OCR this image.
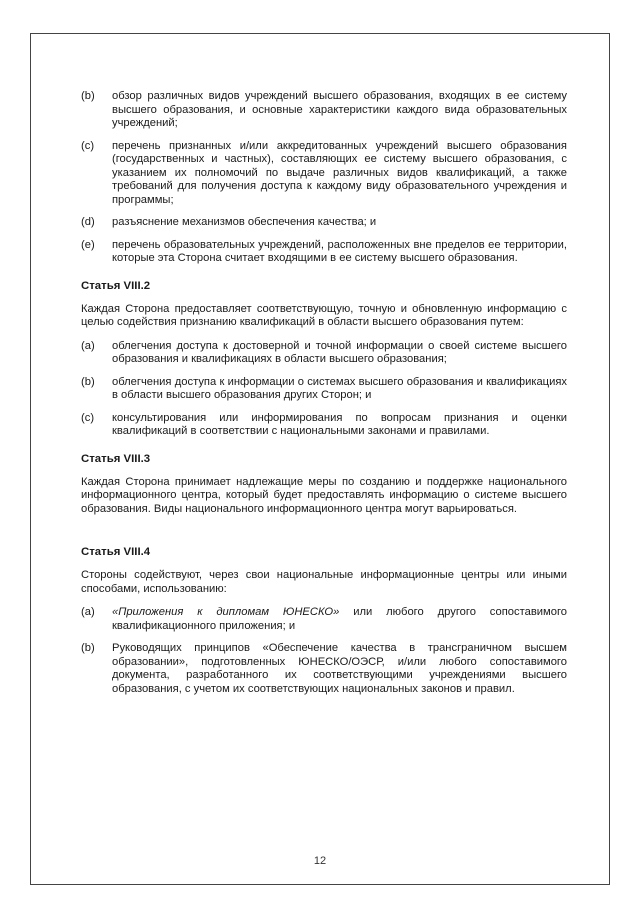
(b)	обзор различных видов учреждений высшего образования, входящих в ее систему высшего образования, и основные характеристики каждого вида образовательных учреждений;
(c)	перечень признанных и/или аккредитованных учреждений высшего образования (государственных и частных), составляющих ее систему высшего образования, с указанием их полномочий по выдаче различных видов квалификаций, а также требований для получения доступа к каждому виду образовательного учреждения и программы;
(d)	разъяснение механизмов обеспечения качества; и
(e)	перечень образовательных учреждений, расположенных вне пределов ее территории, которые эта Сторона считает входящими в ее систему высшего образования.
Статья VIII.2

Каждая Сторона предоставляет соответствующую, точную и обновленную информацию с целью содействия признанию квалификаций в области высшего образования путем:

(a)	облегчения доступа к достоверной и точной информации о своей системе высшего образования и квалификациях в области высшего образования;
(b)	облегчения доступа к информации о системах высшего образования и квалификациях в области высшего образования других Сторон; и
(c)	консультирования или информирования по вопросам признания и оценки квалификаций в соответствии с национальными законами и правилами.
Статья VIII.3

Каждая Сторона принимает надлежащие меры по созданию и поддержке национального информационного центра, который будет предоставлять информацию о системе высшего образования. Виды национального информационного центра могут варьироваться.

Статья VIII.4

Стороны содействуют, через свои национальные информационные центры или иными способами, использованию:

(a)	«Приложения к дипломам ЮНЕСКО» или любого другого сопоставимого квалификационного приложения; и
(b)	Руководящих принципов «Обеспечение качества в трансграничном высшем образовании», подготовленных ЮНЕСКО/ОЭСР, и/или любого сопоставимого документа, разработанного их соответствующими учреждениями высшего образования, с учетом их соответствующих национальных законов и правил.
12
